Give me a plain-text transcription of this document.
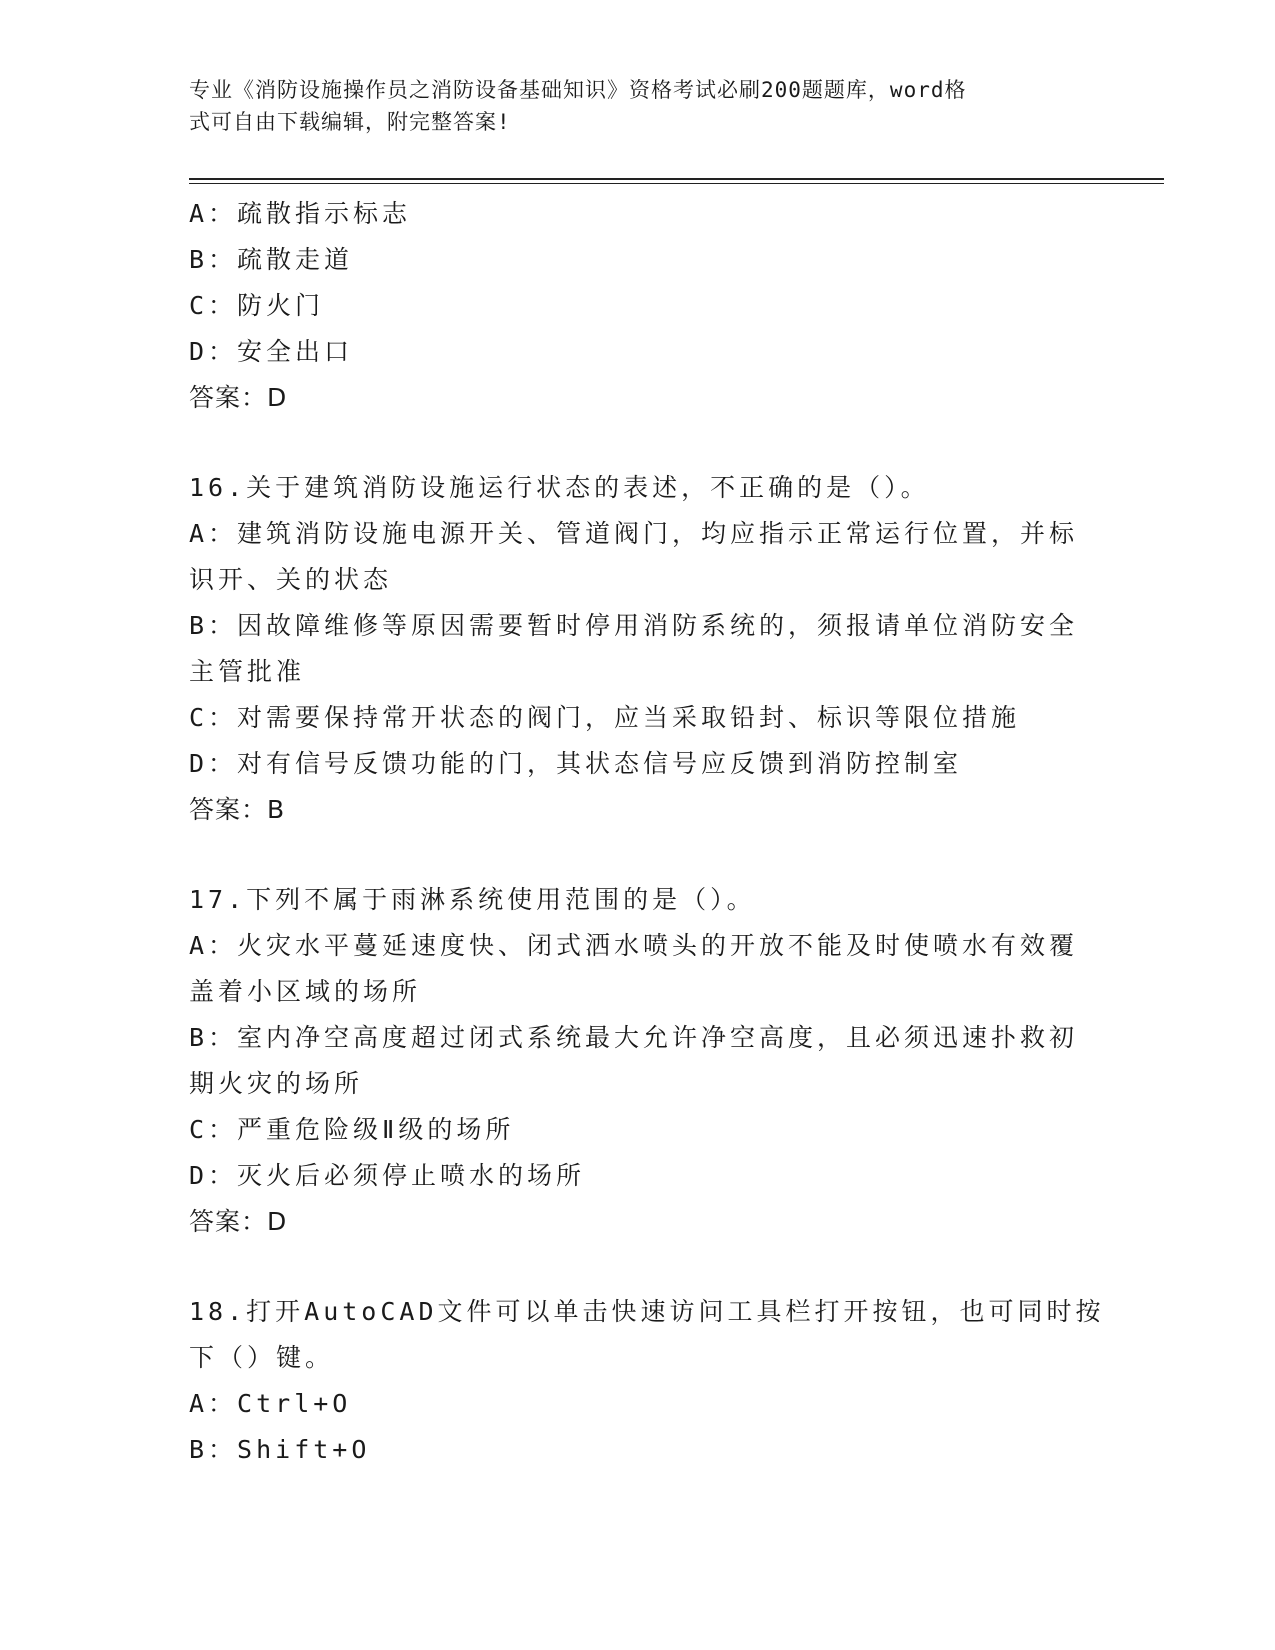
专业《消防设施操作员之消防设备基础知识》资格考试必刷200题题库，word格
式可自由下载编辑，附完整答案!
A：疏散指示标志
B：疏散走道
C：防火门
D：安全出口
答案：D
16.关于建筑消防设施运行状态的表述，不正确的是（）。
A：建筑消防设施电源开关、管道阀门，均应指示正常运行位置，并标
识开、关的状态
B：因故障维修等原因需要暂时停用消防系统的，须报请单位消防安全
主管批准
C：对需要保持常开状态的阀门，应当采取铅封、标识等限位措施
D：对有信号反馈功能的门，其状态信号应反馈到消防控制室
答案：B
17.下列不属于雨淋系统使用范围的是（）。
A：火灾水平蔓延速度快、闭式洒水喷头的开放不能及时使喷水有效覆
盖着小区域的场所
B：室内净空高度超过闭式系统最大允许净空高度，且必须迅速扑救初
期火灾的场所
C：严重危险级Ⅱ级的场所
D：灭火后必须停止喷水的场所
答案：D
18.打开AutoCAD文件可以单击快速访问工具栏打开按钮，也可同时按
下（）键。
A：Ctrl+O
B：Shift+O
